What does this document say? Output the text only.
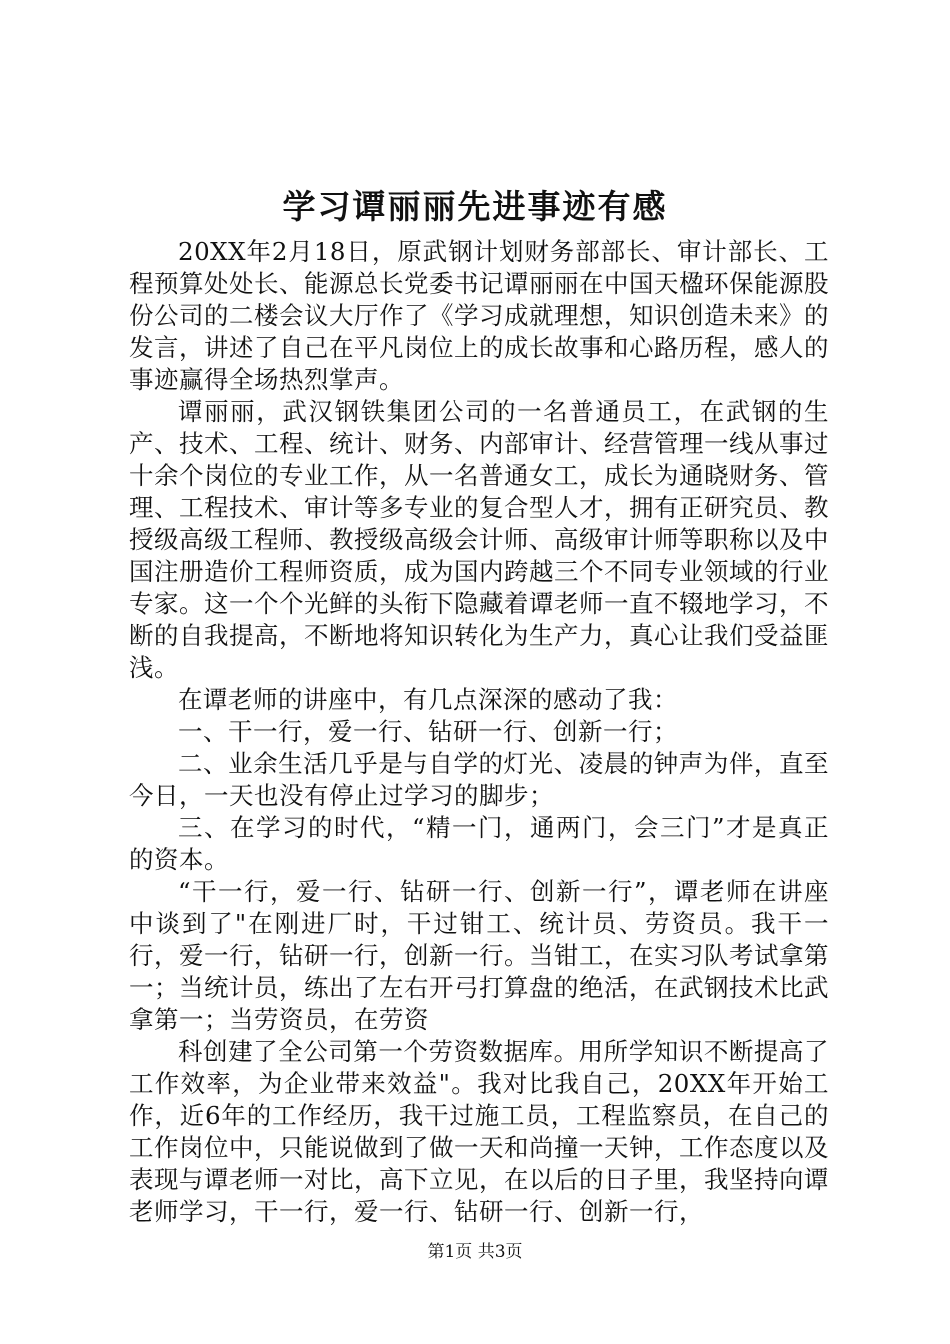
学习谭丽丽先进事迹有感

20XX年2月18日，原武钢计划财务部部长、审计部长、工程预算处处长、能源总长党委书记谭丽丽在中国天楹环保能源股份公司的二楼会议大厅作了《学习成就理想，知识创造未来》的发言，讲述了自己在平凡岗位上的成长故事和心路历程，感人的事迹赢得全场热烈掌声。

谭丽丽，武汉钢铁集团公司的一名普通员工，在武钢的生产、技术、工程、统计、财务、内部审计、经营管理一线从事过十余个岗位的专业工作，从一名普通女工，成长为通晓财务、管理、工程技术、审计等多专业的复合型人才，拥有正研究员、教授级高级工程师、教授级高级会计师、高级审计师等职称以及中国注册造价工程师资质，成为国内跨越三个不同专业领域的行业专家。这一个个光鲜的头衔下隐藏着谭老师一直不辍地学习，不断的自我提高，不断地将知识转化为生产力，真心让我们受益匪浅。

在谭老师的讲座中，有几点深深的感动了我：

一、干一行，爱一行、钻研一行、创新一行；

二、业余生活几乎是与自学的灯光、凌晨的钟声为伴，直至今日，一天也没有停止过学习的脚步；

三、在学习的时代，“精一门，通两门，会三门”才是真正的资本。

“干一行，爱一行、钻研一行、创新一行”，谭老师在讲座中谈到了"在刚进厂时，干过钳工、统计员、劳资员。我干一行，爱一行，钻研一行，创新一行。当钳工，在实习队考试拿第一；当统计员，练出了左右开弓打算盘的绝活，在武钢技术比武拿第一；当劳资员，在劳资

科创建了全公司第一个劳资数据库。用所学知识不断提高了工作效率，为企业带来效益"。我对比我自己，20XX年开始工作，近6年的工作经历，我干过施工员，工程监察员，在自己的工作岗位中，只能说做到了做一天和尚撞一天钟，工作态度以及表现与谭老师一对比，高下立见，在以后的日子里，我坚持向谭老师学习，干一行，爱一行、钻研一行、创新一行，

第1页 共3页
